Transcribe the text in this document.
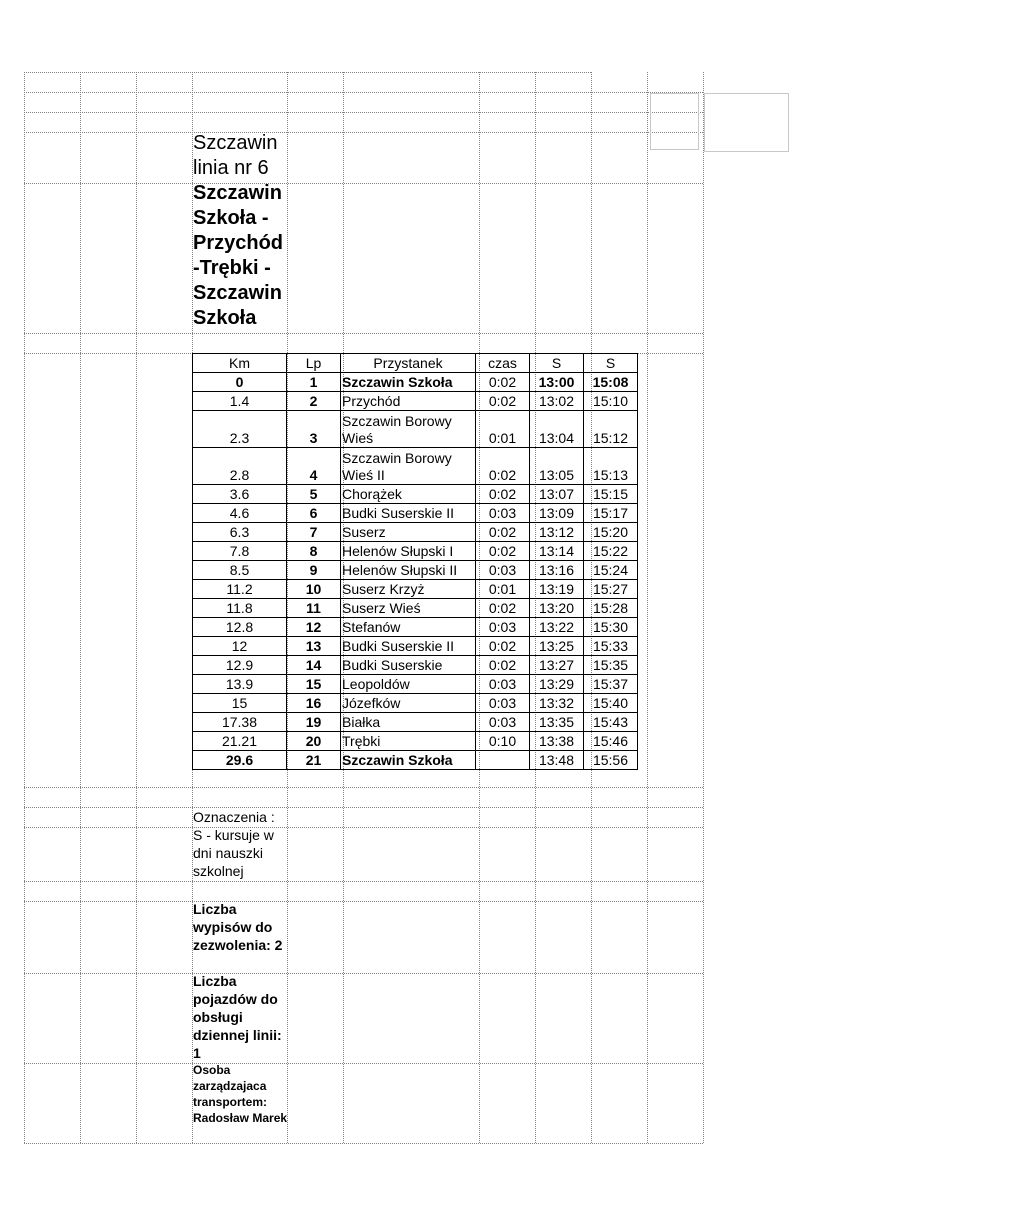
Szczawin linia nr 6
Szczawin Szkoła - Przychód -Trębki - Szczawin Szkoła
Km	Lp	Przystanek	czas	S	S
0	1	Szczawin Szkoła	0:02	13:00	15:08
1.4	2	Przychód	0:02	13:02	15:10
2.3	3	Szczawin Borowy Wieś	0:01	13:04	15:12
2.8	4	Szczawin Borowy Wieś II	0:02	13:05	15:13
3.6	5	Chorążek	0:02	13:07	15:15
4.6	6	Budki Suserskie II	0:03	13:09	15:17
6.3	7	Suserz	0:02	13:12	15:20
7.8	8	Helenów Słupski I	0:02	13:14	15:22
8.5	9	Helenów Słupski II	0:03	13:16	15:24
11.2	10	Suserz Krzyż	0:01	13:19	15:27
11.8	11	Suserz Wieś	0:02	13:20	15:28
12.8	12	Stefanów	0:03	13:22	15:30
12	13	Budki Suserskie II	0:02	13:25	15:33
12.9	14	Budki Suserskie	0:02	13:27	15:35
13.9	15	Leopoldów	0:03	13:29	15:37
15	16	Józefków	0:03	13:32	15:40
17.38	19	Białka	0:03	13:35	15:43
21.21	20	Trębki	0:10	13:38	15:46
29.6	21	Szczawin Szkoła		13:48	15:56
Oznaczenia : S - kursuje w dni nauszki szkolnej
Liczba wypisów do zezwolenia: 2
Liczba pojazdów do obsługi dziennej linii: 1
Osoba zarządzajaca transportem: Radosław Marek
